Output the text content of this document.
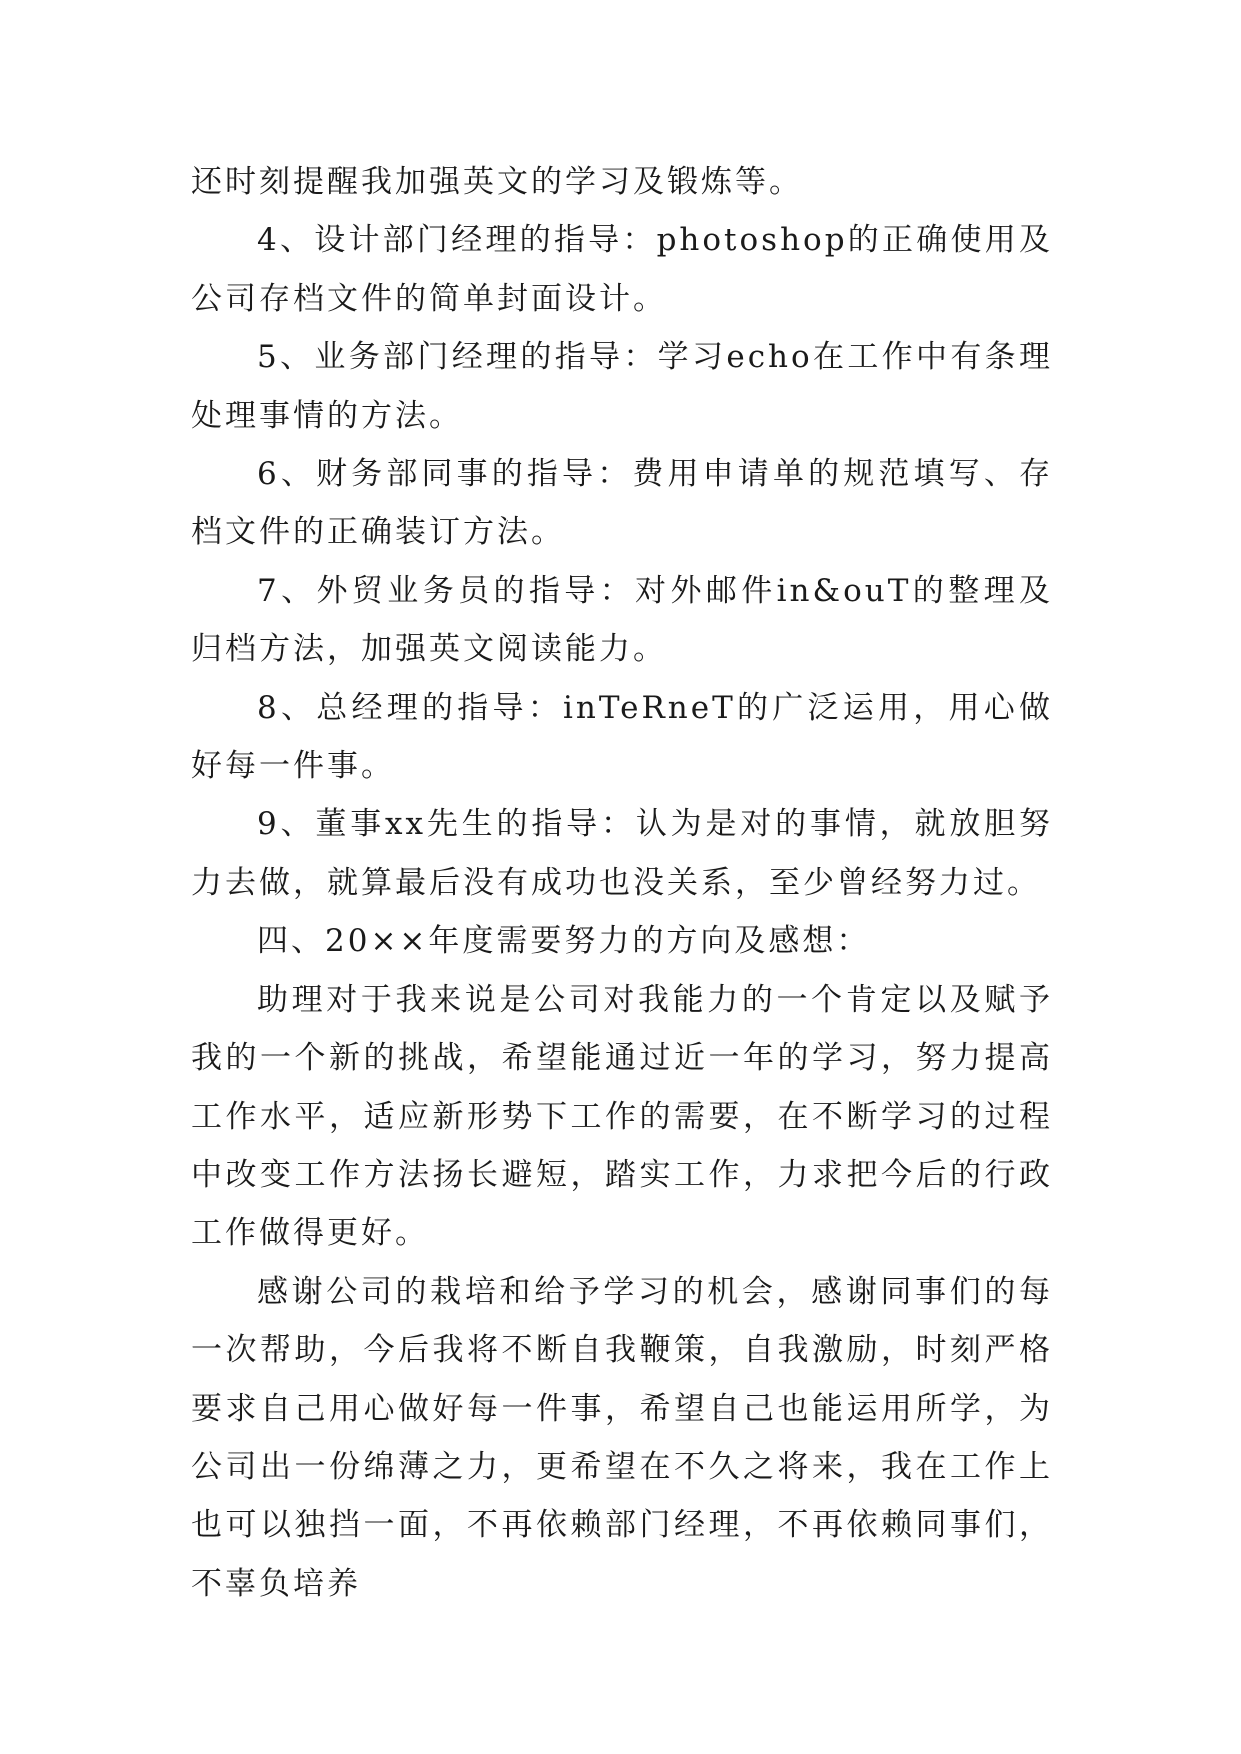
还时刻提醒我加强英文的学习及锻炼等。

4、设计部门经理的指导：photoshop的正确使用及公司存档文件的简单封面设计。

5、业务部门经理的指导：学习echo在工作中有条理处理事情的方法。

6、财务部同事的指导：费用申请单的规范填写、存档文件的正确装订方法。

7、外贸业务员的指导：对外邮件in&ouT的整理及归档方法，加强英文阅读能力。

8、总经理的指导：inTeRneT的广泛运用，用心做好每一件事。

9、董事xx先生的指导：认为是对的事情，就放胆努力去做，就算最后没有成功也没关系，至少曾经努力过。

四、20××年度需要努力的方向及感想：

助理对于我来说是公司对我能力的一个肯定以及赋予我的一个新的挑战，希望能通过近一年的学习，努力提高工作水平，适应新形势下工作的需要，在不断学习的过程中改变工作方法扬长避短，踏实工作，力求把今后的行政工作做得更好。

感谢公司的栽培和给予学习的机会，感谢同事们的每一次帮助，今后我将不断自我鞭策，自我激励，时刻严格要求自己用心做好每一件事，希望自己也能运用所学，为公司出一份绵薄之力，更希望在不久之将来，我在工作上也可以独挡一面，不再依赖部门经理，不再依赖同事们，不辜负培养
